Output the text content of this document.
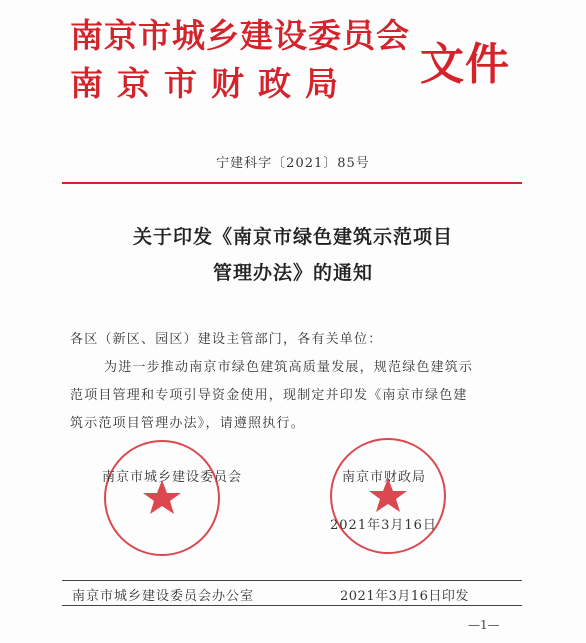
南京市城乡建设委员会
南京市财政局 文件
宁建科字〔2021〕85号
关于印发《南京市绿色建筑示范项目
管理办法》的通知
各区（新区、园区）建设主管部门，各有关单位：
为进一步推动南京市绿色建筑高质量发展，规范绿色建筑示
范项目管理和专项引导资金使用，现制定并印发《南京市绿色建
筑示范项目管理办法》，请遵照执行。
南京市城乡建设委员会	南京市财政局
2021年3月16日
南京市城乡建设委员会办公室	2021年3月16日印发
—1—
